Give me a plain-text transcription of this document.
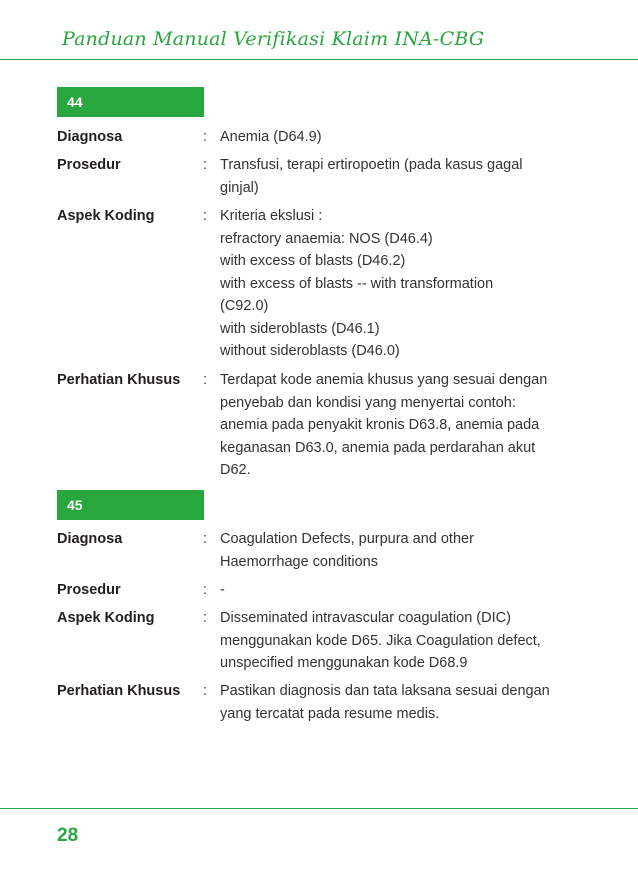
Panduan Manual Verifikasi Klaim INA-CBG
44
Diagnosa	: Anemia (D64.9)
Prosedur	: Transfusi, terapi ertiropoetin (pada kasus gagal
ginjal)
Aspek Koding	: Kriteria ekslusi :
refractory anaemia: NOS (D46.4)
with excess of blasts (D46.2)
with excess of blasts -- with transformation
(C92.0)
with sideroblasts (D46.1)
without sideroblasts (D46.0)
Perhatian Khusus : Terdapat kode anemia khusus yang sesuai dengan
penyebab dan kondisi yang menyertai contoh:
anemia pada penyakit kronis D63.8, anemia pada
keganasan D63.0, anemia pada perdarahan akut
D62.
45
Diagnosa	: Coagulation Defects, purpura and other
Haemorrhage conditions
Prosedur	: -
Aspek Koding	: Disseminated intravascular coagulation (DIC)
menggunakan kode D65. Jika Coagulation defect,
unspecified menggunakan kode D68.9
Perhatian Khusus : Pastikan diagnosis dan tata laksana sesuai dengan
yang tercatat pada resume medis.
28
